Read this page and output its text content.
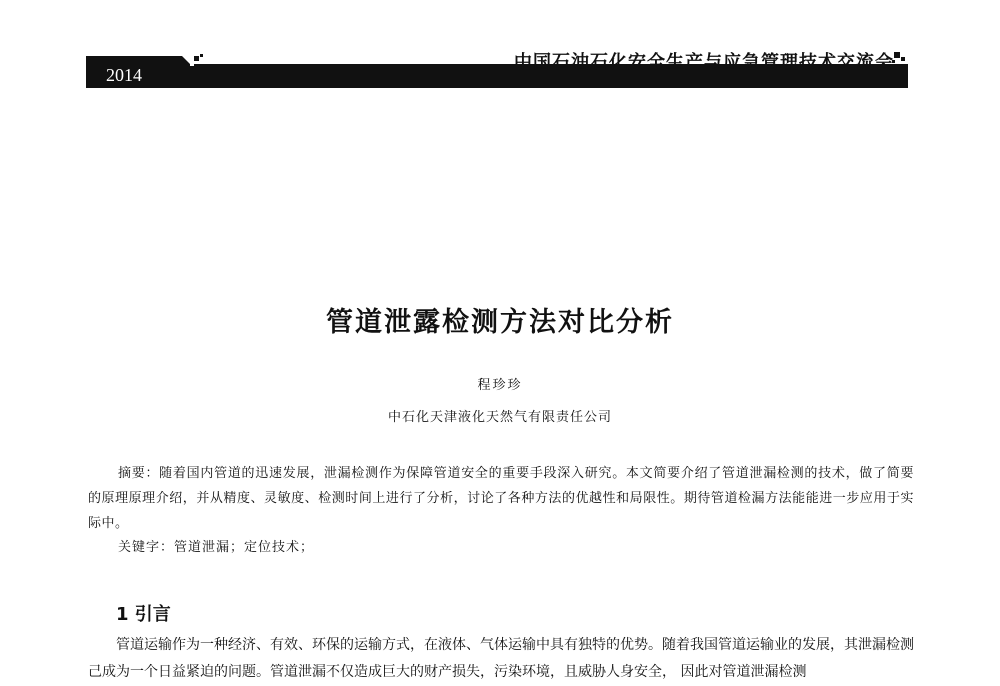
2014
中国石油石化安全生产与应急管理技术交流会
管道泄露检测方法对比分析
程珍珍
中石化天津液化天然气有限责任公司
摘要：随着国内管道的迅速发展，泄漏检测作为保障管道安全的重要手段深入研究。本文简要介绍了管道泄漏检测的技术，做了简要的原理原理介绍，并从精度、灵敏度、检测时间上进行了分析，讨论了各种方法的优越性和局限性。期待管道检漏方法能能进一步应用于实际中。
关键字：管道泄漏；定位技术；
1 引言
管道运输作为一种经济、有效、环保的运输方式，在液体、气体运输中具有独特的优势。随着我国管道运输业的发展，其泄漏检测己成为一个日益紧迫的问题。管道泄漏不仅造成巨大的财产损失，污染环境，且威胁人身安全， 因此对管道泄漏检测
